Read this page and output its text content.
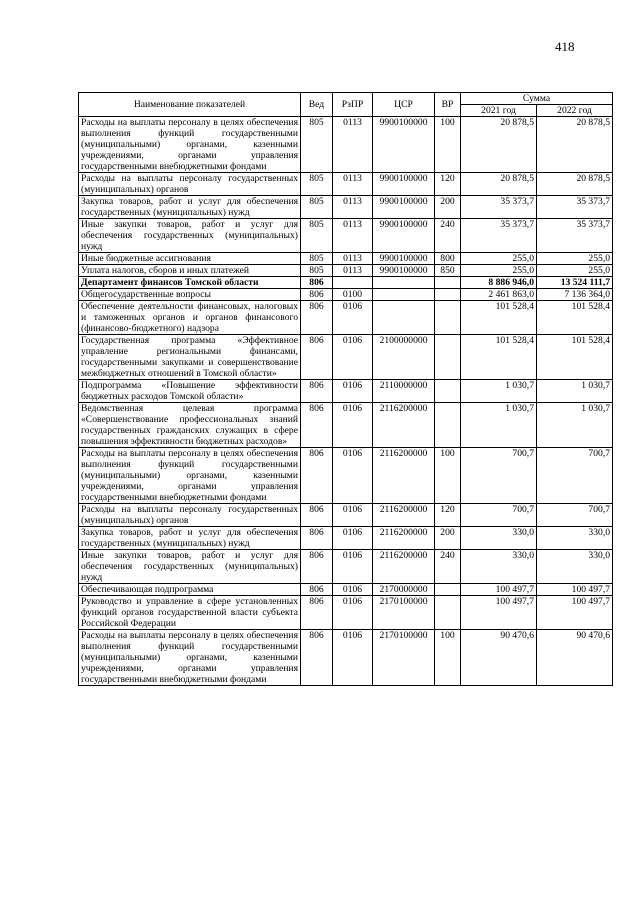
418
Наименование показателей	Вед	РзПР	ЦСР	ВР	Сумма	
					2021 год	2022 год
Расходы на выплаты персоналу в целях обеспечения выполнения функций государственными (муниципальными) органами, казенными учреждениями, органами управления государственными внебюджетными фондами	805	0113	9900100000	100	20 878,5	20 878,5
Расходы на выплаты персоналу государственных (муниципальных) органов	805	0113	9900100000	120	20 878,5	20 878,5
Закупка товаров, работ и услуг для обеспечения государственных (муниципальных) нужд	805	0113	9900100000	200	35 373,7	35 373,7
Иные закупки товаров, работ и услуг для обеспечения государственных (муниципальных) нужд	805	0113	9900100000	240	35 373,7	35 373,7
Иные бюджетные ассигнования	805	0113	9900100000	800	255,0	255,0
Уплата налогов, сборов и иных платежей	805	0113	9900100000	850	255,0	255,0
Департамент финансов Томской области	806				8 886 946,0	13 524 111,7
Общегосударственные вопросы	806	0100			2 461 863,0	7 136 364,0
Обеспечение деятельности финансовых, налоговых и таможенных органов и органов финансового (финансово-бюджетного) надзора	806	0106			101 528,4	101 528,4
Государственная программа «Эффективное управление региональными финансами, государственными закупками и совершенствование межбюджетных отношений в Томской области»	806	0106	2100000000		101 528,4	101 528,4
Подпрограмма «Повышение эффективности бюджетных расходов Томской области»	806	0106	2110000000		1 030,7	1 030,7
Ведомственная целевая программа «Совершенствование профессиональных знаний государственных гражданских служащих в сфере повышения эффективности бюджетных расходов»	806	0106	2116200000		1 030,7	1 030,7
Расходы на выплаты персоналу в целях обеспечения выполнения функций государственными (муниципальными) органами, казенными учреждениями, органами управления государственными внебюджетными фондами	806	0106	2116200000	100	700,7	700,7
Расходы на выплаты персоналу государственных (муниципальных) органов	806	0106	2116200000	120	700,7	700,7
Закупка товаров, работ и услуг для обеспечения государственных (муниципальных) нужд	806	0106	2116200000	200	330,0	330,0
Иные закупки товаров, работ и услуг для обеспечения государственных (муниципальных) нужд	806	0106	2116200000	240	330,0	330,0
Обеспечивающая подпрограмма	806	0106	2170000000		100 497,7	100 497,7
Руководство и управление в сфере установленных функций органов государственной власти субъекта Российской Федерации	806	0106	2170100000		100 497,7	100 497,7
Расходы на выплаты персоналу в целях обеспечения выполнения функций государственными (муниципальными) органами, казенными учреждениями, органами управления государственными внебюджетными фондами	806	0106	2170100000	100	90 470,6	90 470,6
